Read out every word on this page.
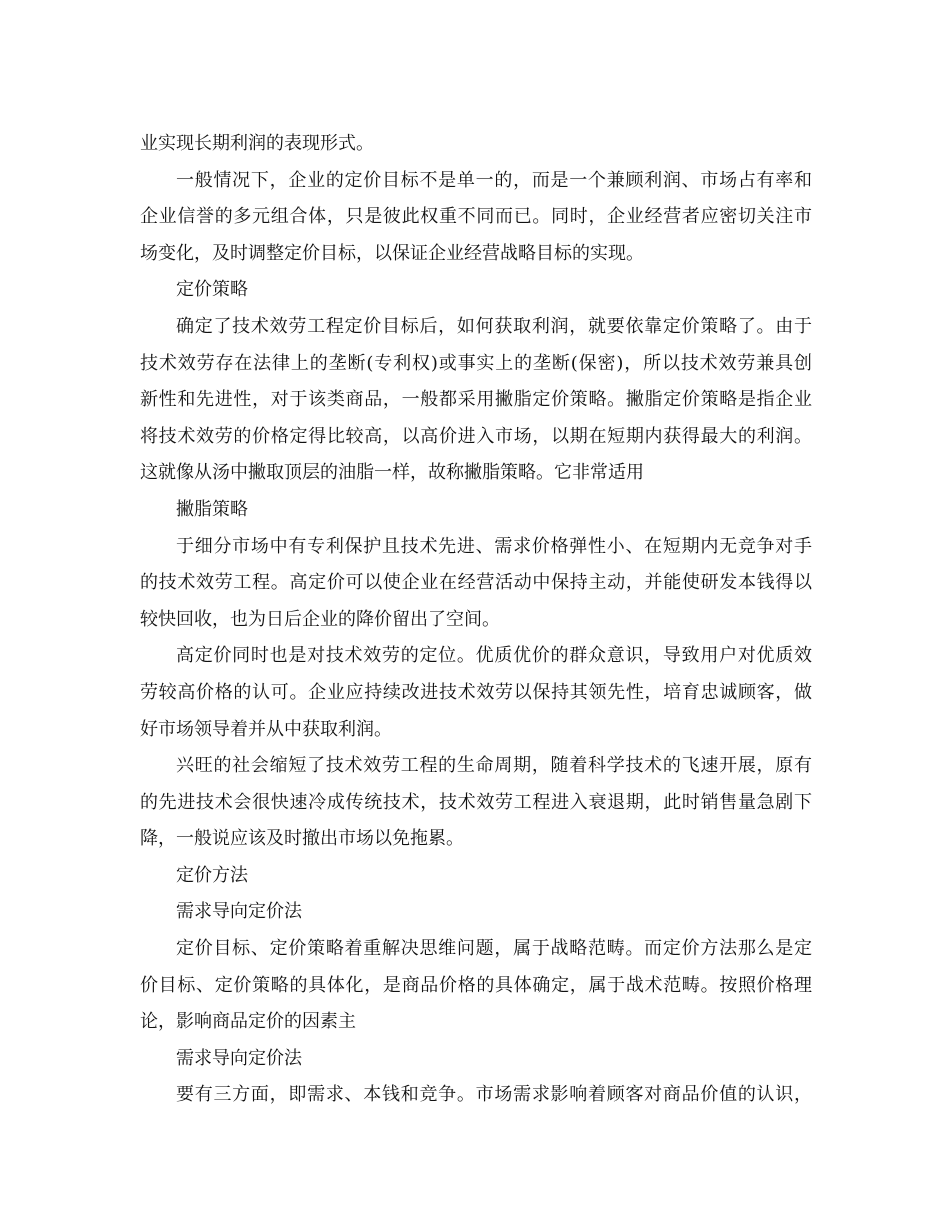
业实现长期利润的表现形式。
一般情况下，企业的定价目标不是单一的，而是一个兼顾利润、市场占有率和
企业信誉的多元组合体，只是彼此权重不同而已。同时，企业经营者应密切关注市
场变化，及时调整定价目标，以保证企业经营战略目标的实现。
定价策略
确定了技术效劳工程定价目标后，如何获取利润，就要依靠定价策略了。由于
技术效劳存在法律上的垄断(专利权)或事实上的垄断(保密)，所以技术效劳兼具创
新性和先进性，对于该类商品，一般都采用撇脂定价策略。撇脂定价策略是指企业
将技术效劳的价格定得比较高，以高价进入市场，以期在短期内获得最大的利润。
这就像从汤中撇取顶层的油脂一样，故称撇脂策略。它非常适用
撇脂策略
于细分市场中有专利保护且技术先进、需求价格弹性小、在短期内无竞争对手
的技术效劳工程。高定价可以使企业在经营活动中保持主动，并能使研发本钱得以
较快回收，也为日后企业的降价留出了空间。
高定价同时也是对技术效劳的定位。优质优价的群众意识，导致用户对优质效
劳较高价格的认可。企业应持续改进技术效劳以保持其领先性，培育忠诚顾客，做
好市场领导着并从中获取利润。
兴旺的社会缩短了技术效劳工程的生命周期，随着科学技术的飞速开展，原有
的先进技术会很快速冷成传统技术，技术效劳工程进入衰退期，此时销售量急剧下
降，一般说应该及时撤出市场以免拖累。
定价方法
需求导向定价法
定价目标、定价策略着重解决思维问题，属于战略范畴。而定价方法那么是定
价目标、定价策略的具体化，是商品价格的具体确定，属于战术范畴。按照价格理
论，影响商品定价的因素主
需求导向定价法
要有三方面，即需求、本钱和竞争。市场需求影响着顾客对商品价值的认识，
